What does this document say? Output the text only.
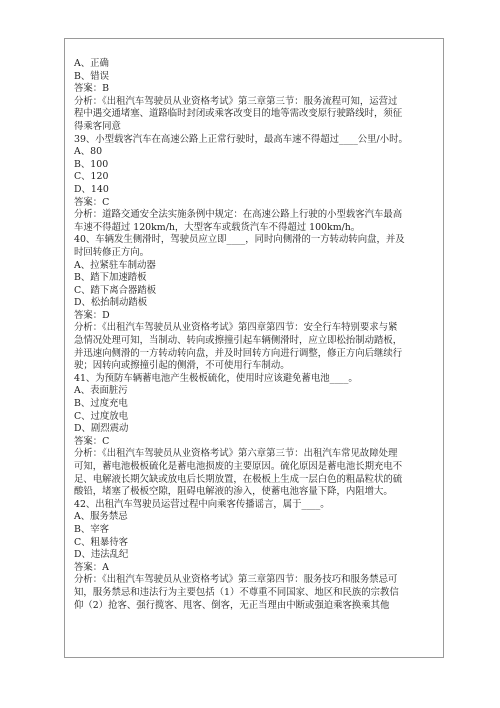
A、正确
B、错误
答案：B
分析：《出租汽车驾驶员从业资格考试》第三章第三节：服务流程可知，运营过
程中遇交通堵塞、道路临时封闭或乘客改变目的地等需改变原行驶路线时，须征
得乘客同意
39、小型载客汽车在高速公路上正常行驶时，最高车速不得超过____公里/小时。
A、80
B、100
C、120
D、140
答案：C
分析：道路交通安全法实施条例中规定：在高速公路上行驶的小型载客汽车最高
车速不得超过 120km/h，大型客车或载货汽车不得超过 100km/h。
40、车辆发生侧滑时，驾驶员应立即____，同时向侧滑的一方转动转向盘，并及
时回转修正方向。
A、拉紧驻车制动器
B、踏下加速踏板
C、踏下离合器踏板
D、松抬制动踏板
答案：D
分析：《出租汽车驾驶员从业资格考试》第四章第四节：安全行车特别要求与紧
急情况处理可知，当制动、转向或擦撞引起车辆侧滑时，应立即松抬制动踏板，
并迅速向侧滑的一方转动转向盘，并及时回转方向进行调整，修正方向后继续行
驶；因转向或擦撞引起的侧滑，不可使用行车制动。
41、为预防车辆蓄电池产生极板硫化，使用时应该避免蓄电池____。
A、表面脏污
B、过度充电
C、过度放电
D、剧烈震动
答案：C
分析：《出租汽车驾驶员从业资格考试》第六章第三节：出租汽车常见故障处理
可知，蓄电池极板硫化是蓄电池损废的主要原因。硫化原因是蓄电池长期充电不
足、电解液长期欠缺或放电后长期放置，在极板上生成一层白色的粗晶粒状的硫
酸铅，堵塞了极板空隙，阻碍电解液的渗入，使蓄电池容量下降，内阻增大。
42、出租汽车驾驶员运营过程中向乘客传播谣言，属于____。
A、服务禁忌
B、宰客
C、粗暴待客
D、违法乱纪
答案：A
分析：《出租汽车驾驶员从业资格考试》第三章第四节：服务技巧和服务禁忌可
知，服务禁忌和违法行为主要包括（1）不尊重不同国家、地区和民族的宗教信
仰（2）抢客、强行揽客、甩客、倒客，无正当理由中断或强迫乘客换乘其他
